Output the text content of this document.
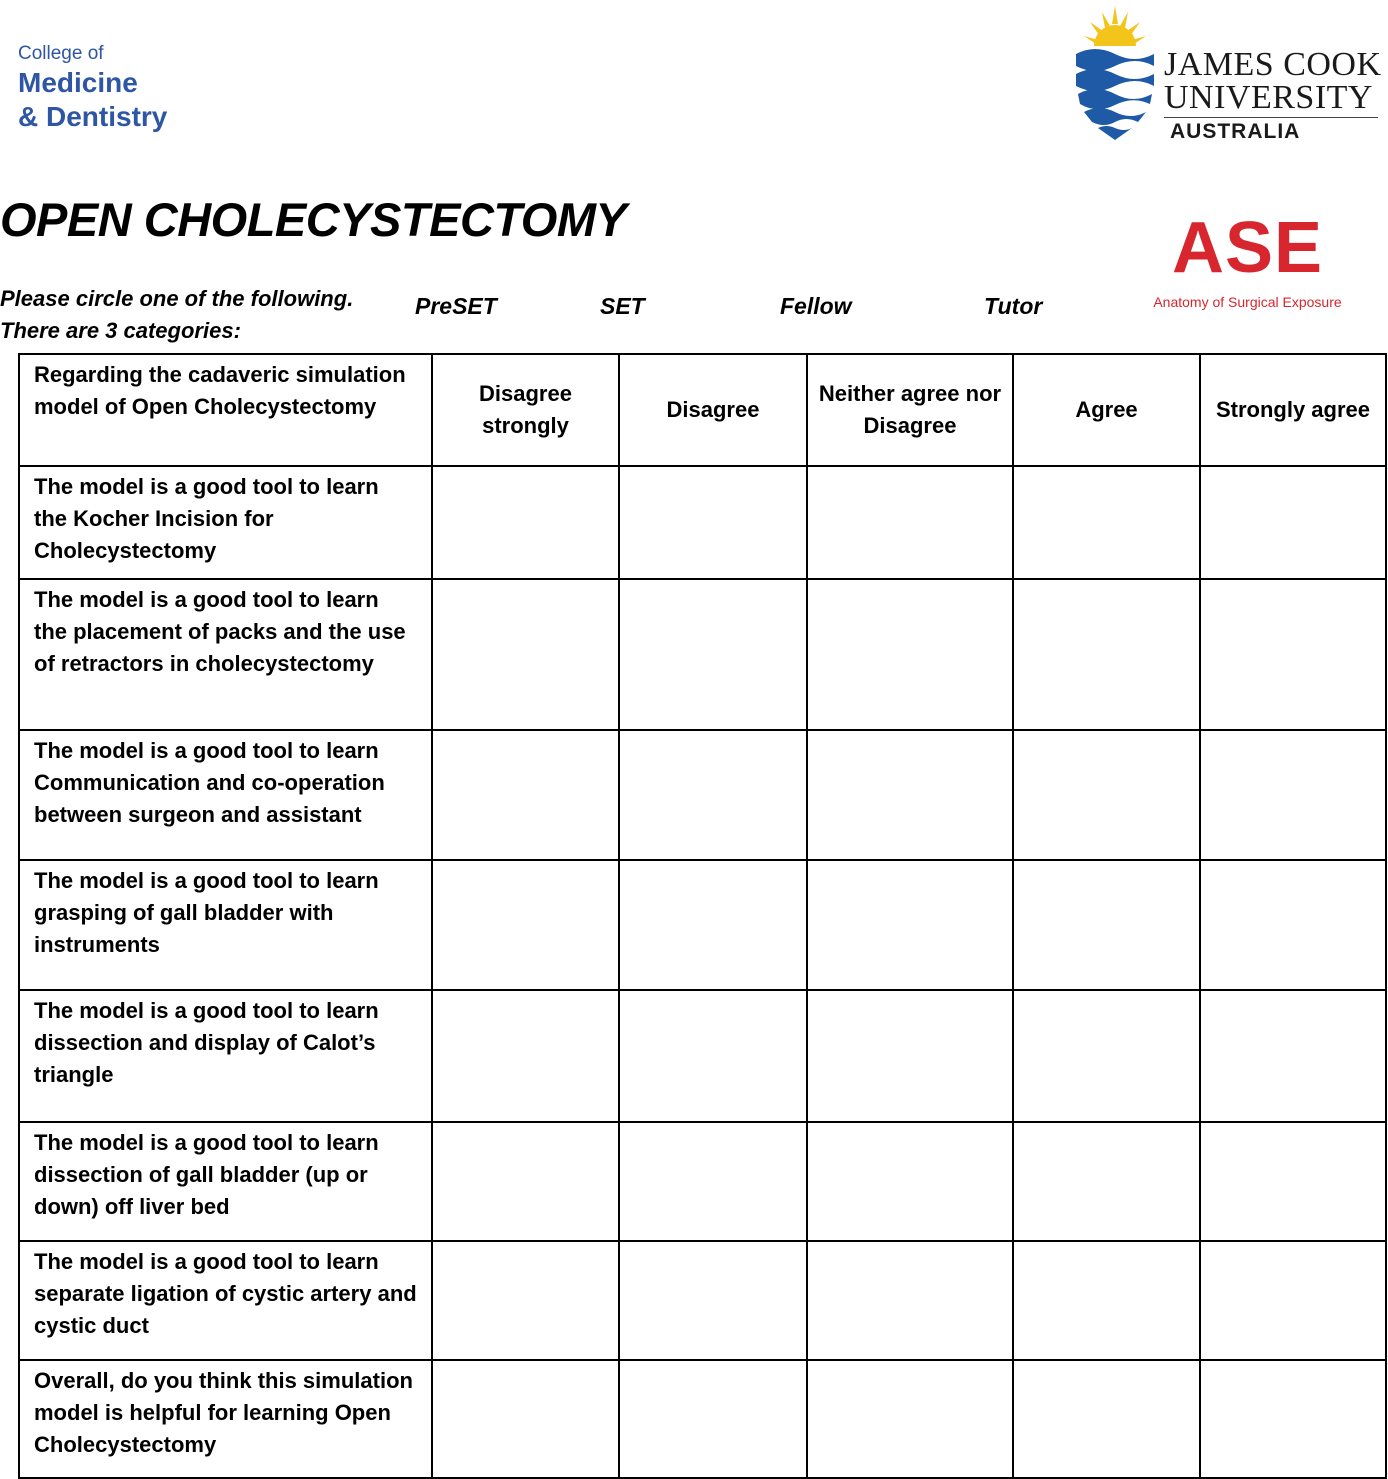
College of
Medicine
& Dentistry
JAMES COOK
UNIVERSITY
AUSTRALIA
OPEN CHOLECYSTECTOMY	ASE
Anatomy of Surgical Exposure
Please circle one of the following.
There are 3 categories:
PreSET	SET	Fellow	Tutor
Regarding the cadaveric simulation model of Open Cholecystectomy	Disagree strongly	Disagree	Neither agree nor Disagree	Agree	Strongly agree
The model is a good tool to learn the Kocher Incision for Cholecystectomy					
The model is a good tool to learn the placement of packs and the use of retractors in cholecystectomy					
The model is a good tool to learn Communication and co-operation between surgeon and assistant					
The model is a good tool to learn grasping of gall bladder with instruments					
The model is a good tool to learn dissection and display of Calot’s triangle					
The model is a good tool to learn dissection of gall bladder (up or down) off liver bed					
The model is a good tool to learn separate ligation of cystic artery and cystic duct					
Overall, do you think this simulation model is helpful for learning Open Cholecystectomy					
